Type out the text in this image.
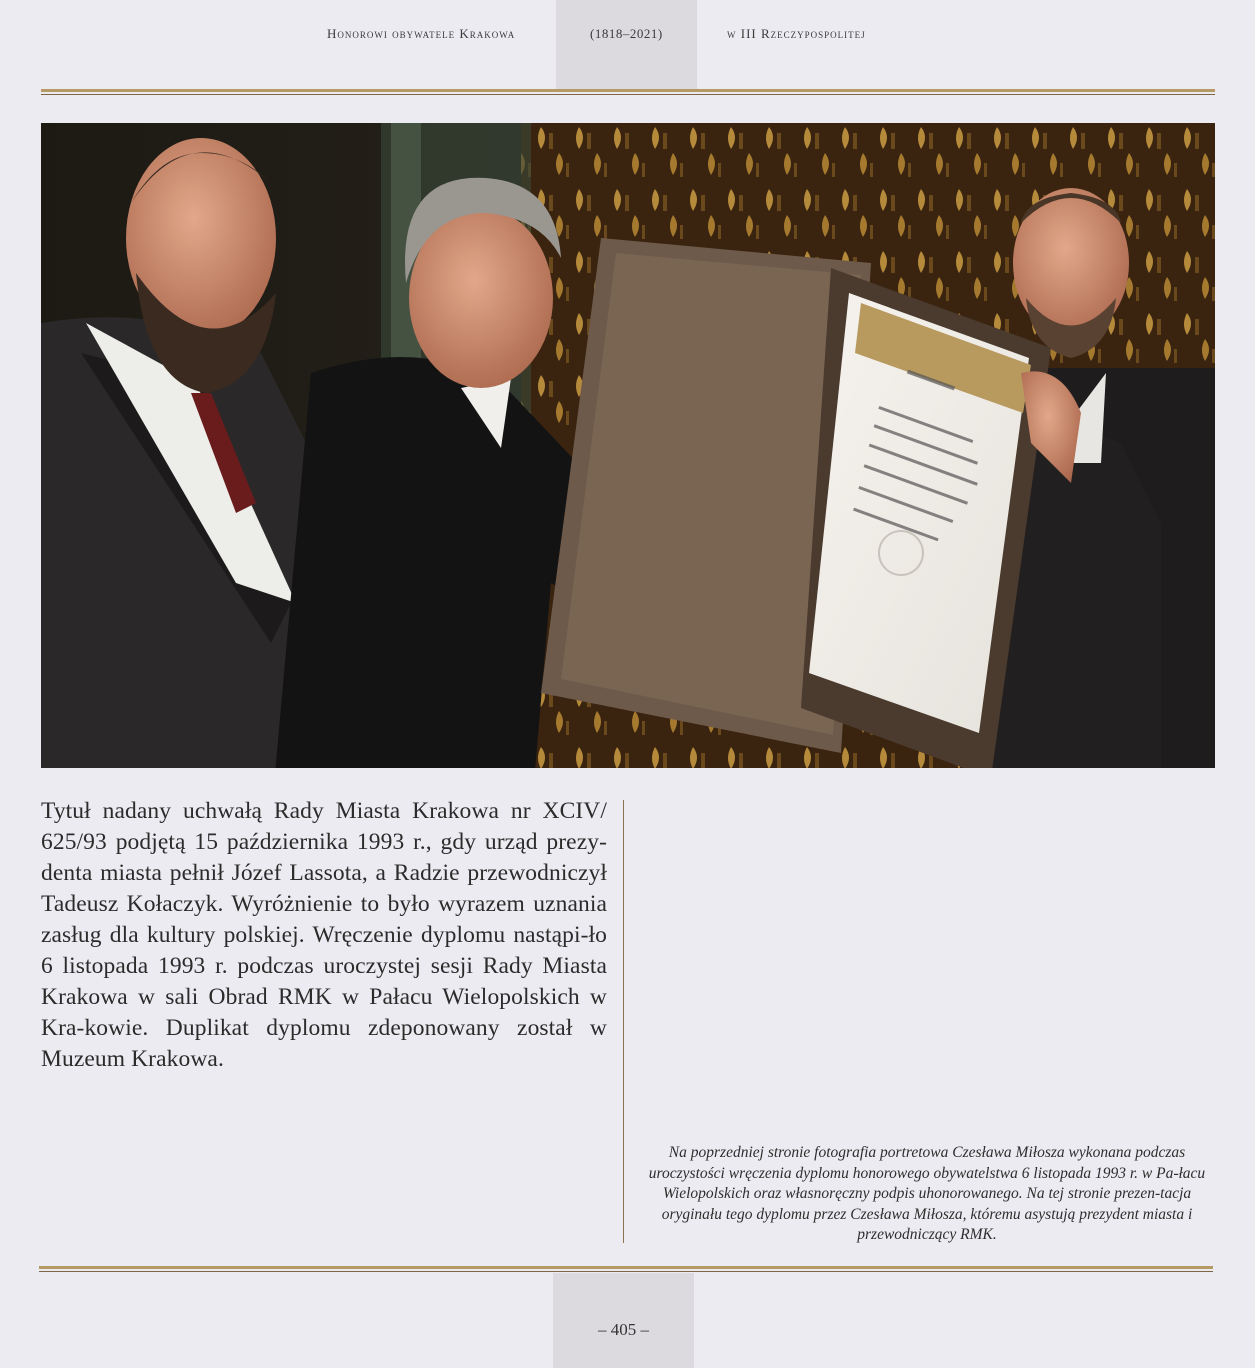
Honorowi obywatele Krakowa	(1818–2021)	w III Rzeczypospolitej
Tytuł nadany uchwałą Rady Miasta Krakowa nr XCIV/ 625/93 podjętą 15 października 1993 r., gdy urząd prezy-denta miasta pełnił Józef Lassota, a Radzie przewodniczył Tadeusz Kołaczyk. Wyróżnienie to było wyrazem uznania zasług dla kultury polskiej. Wręczenie dyplomu nastąpi-ło 6 listopada 1993 r. podczas uroczystej sesji Rady Miasta Krakowa w sali Obrad RMK w Pałacu Wielopolskich w Kra-kowie. Duplikat dyplomu zdeponowany został w Muzeum Krakowa.
Na poprzedniej stronie fotografia portretowa Czesława Miłosza wykonana podczas uroczystości wręczenia dyplomu honorowego obywatelstwa 6 listopada 1993 r. w Pa-łacu Wielopolskich oraz własnoręczny podpis uhonorowanego. Na tej stronie prezen-tacja oryginału tego dyplomu przez Czesława Miłosza, któremu asystują prezydent miasta i przewodniczący RMK.
– 405 –
